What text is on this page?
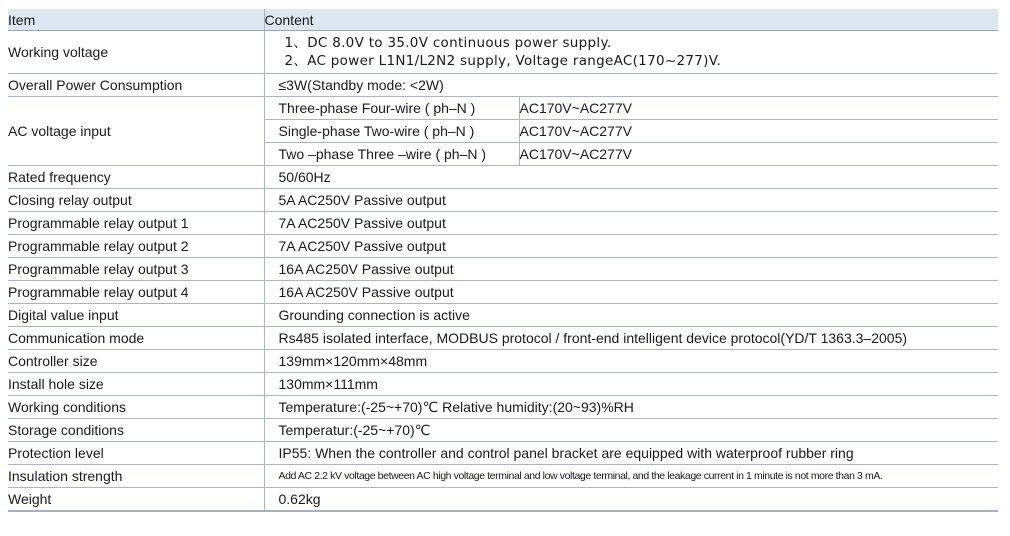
Item	Content	
Working voltage	1、DC 8.0V to 35.0V continuous power supply.
2、AC power L1N1/L2N2 supply, Voltage rangeAC(170~277)V.	

Overall Power Consumption	≤3W(Standby mode: <2W)	
AC voltage input	Three-phase Four-wire ( ph–N )	AC170V~AC277V
	Single-phase Two-wire ( ph–N )	AC170V~AC277V
	Two –phase Three –wire ( ph–N )	AC170V~AC277V
Rated frequency	50/60Hz	
Closing relay output	5A AC250V Passive output	
Programmable relay output 1	7A AC250V Passive output	
Programmable relay output 2	7A AC250V Passive output	
Programmable relay output 3	16A AC250V Passive output	
Programmable relay output 4	16A AC250V Passive output	
Digital value input	Grounding connection is active	
Communication mode	Rs485 isolated interface, MODBUS protocol / front-end intelligent device protocol(YD/T 1363.3–2005)	
Controller size	139mm×120mm×48mm	
Install hole size	130mm×111mm	
Working conditions	Temperature:(-25~+70)℃ Relative humidity:(20~93)%RH	
Storage conditions	Temperatur:(-25~+70)℃	
Protection level	IP55: When the controller and control panel bracket are equipped with waterproof rubber ring	
Insulation strength	Add AC 2.2 kV voltage between AC high voltage terminal and low voltage terminal, and the leakage current in 1 minute is not more than 3 mA.	
Weight	0.62kg	
